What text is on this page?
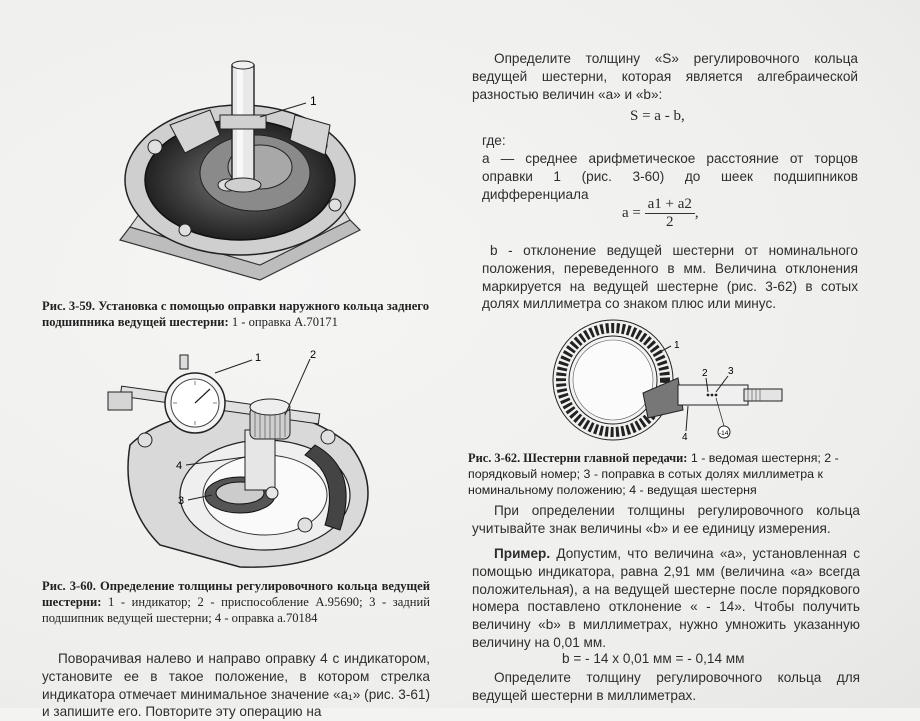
1
Рис. 3-59. Установка с помощью оправки наружного кольца заднего подшипника ведущей шестерни: 1 - оправка А.70171
1	2
3
4
Рис. 3-60. Определение толщины регулировочного кольца ведущей шестерни: 1 - индикатор; 2 - приспособление А.95690; 3 - задний подшипник ведущей шестерни; 4 - оправка а.70184
Поворачивая налево и направо оправку 4 с индикатором, установите ее в такое положение, в котором стрелка индикатора отмечает минимальное значение «a₁» (рис. 3-61) и запишите его. Повторите эту операцию на
Определите толщину «S» регулировочного кольца ведущей шестерни, которая является алгебраической разностью величин «a» и «b»:
S = a - b,
где:
a — среднее арифметическое расстояние от торцов оправки 1 (рис. 3-60) до шеек подшипников дифференциала
$a = \frac{a1 + a2}{2}$ ,
b - отклонение ведущей шестерни от номинального положения, переведенного в мм. Величина отклонения маркируется на ведущей шестерне (рис. 3-62) в сотых долях миллиметра со знаком плюс или минус.
-14
1
2 3
4
Рис. 3-62. Шестерни главной передачи: 1 - ведомая шестерня; 2 - порядковый номер; 3 - поправка в сотых долях миллиметра к номинальному положению; 4 - ведущая шестерня
При определении толщины регулировочного кольца учитывайте знак величины «b» и ее единицу измерения.
Пример. Допустим, что величина «a», установленная с помощью индикатора, равна 2,91 мм (величина «a» всегда положительная), а на ведущей шестерне после порядкового номера поставлено отклонение « - 14». Чтобы получить величину «b» в миллиметрах, нужно умножить указанную величину на 0,01 мм.
b = - 14 x 0,01 мм = - 0,14 мм
Определите толщину регулировочного кольца для ведущей шестерни в миллиметрах.
